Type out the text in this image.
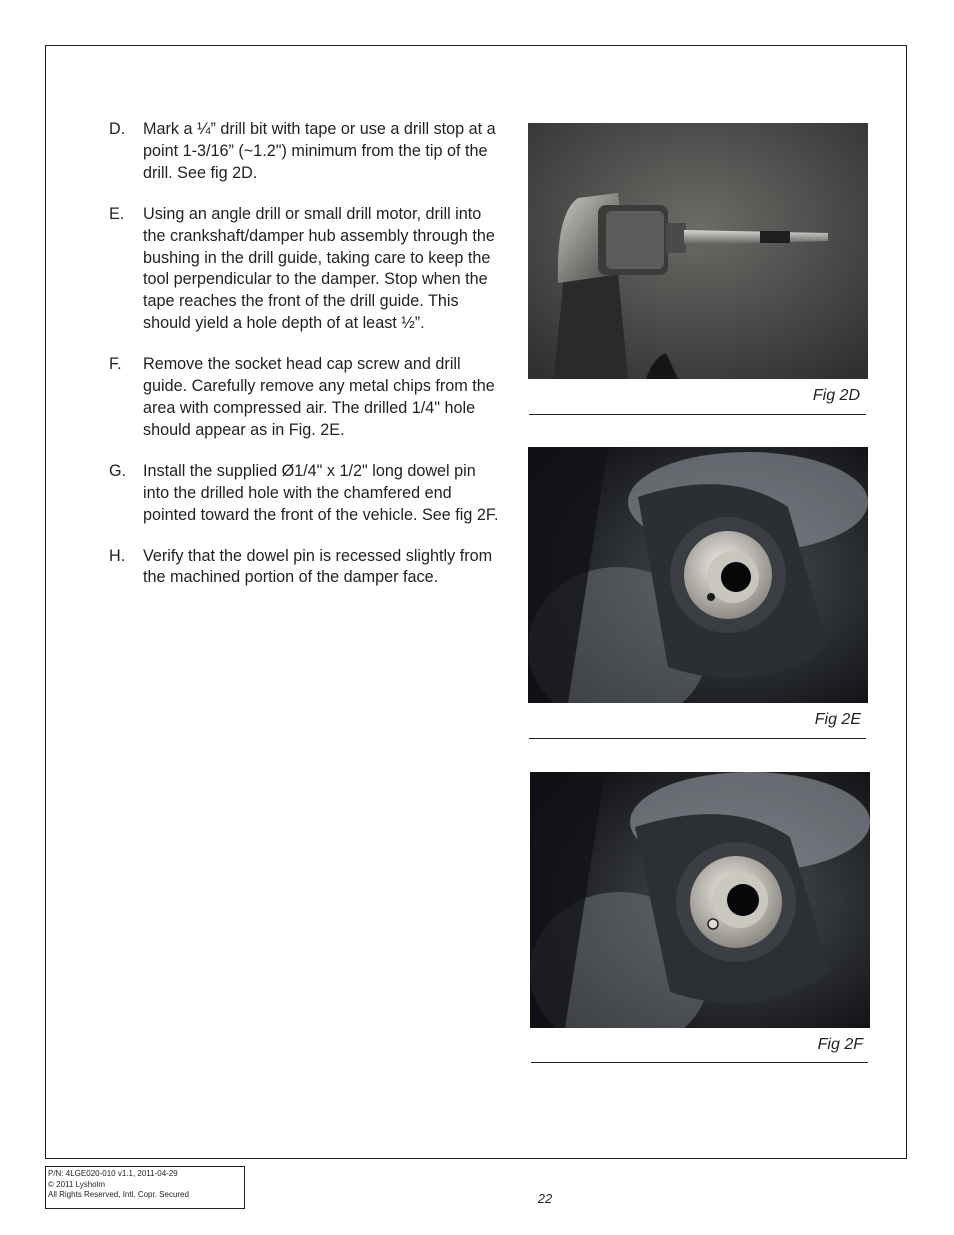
D.	Mark a ¼” drill bit with tape or use a drill stop at a point 1-3/16” (~1.2") minimum from the tip of the drill. See fig 2D.
E.	Using an angle drill or small drill motor, drill into the crankshaft/damper hub assembly through the bushing in the drill guide, taking care to keep the tool perpendicular to the damper. Stop when the tape reaches the front of the drill guide. This should yield a hole depth of at least ½”.
F.	Remove the socket head cap screw and drill guide. Carefully remove any metal chips from the area with compressed air. The drilled 1/4" hole should appear as in Fig. 2E.
G.	Install the supplied Ø1/4" x 1/2" long dowel pin into the drilled hole with the chamfered end pointed toward the front of the vehicle. See fig 2F.
H.	Verify that the dowel pin is recessed slightly from the machined portion of the damper face.
Fig 2D
Fig 2E
Fig 2F
P/N: 4LGE020-010 v1.1, 2011-04-29
© 2011 Lysholm
All Rights Reserved, Intl. Copr. Secured	22
